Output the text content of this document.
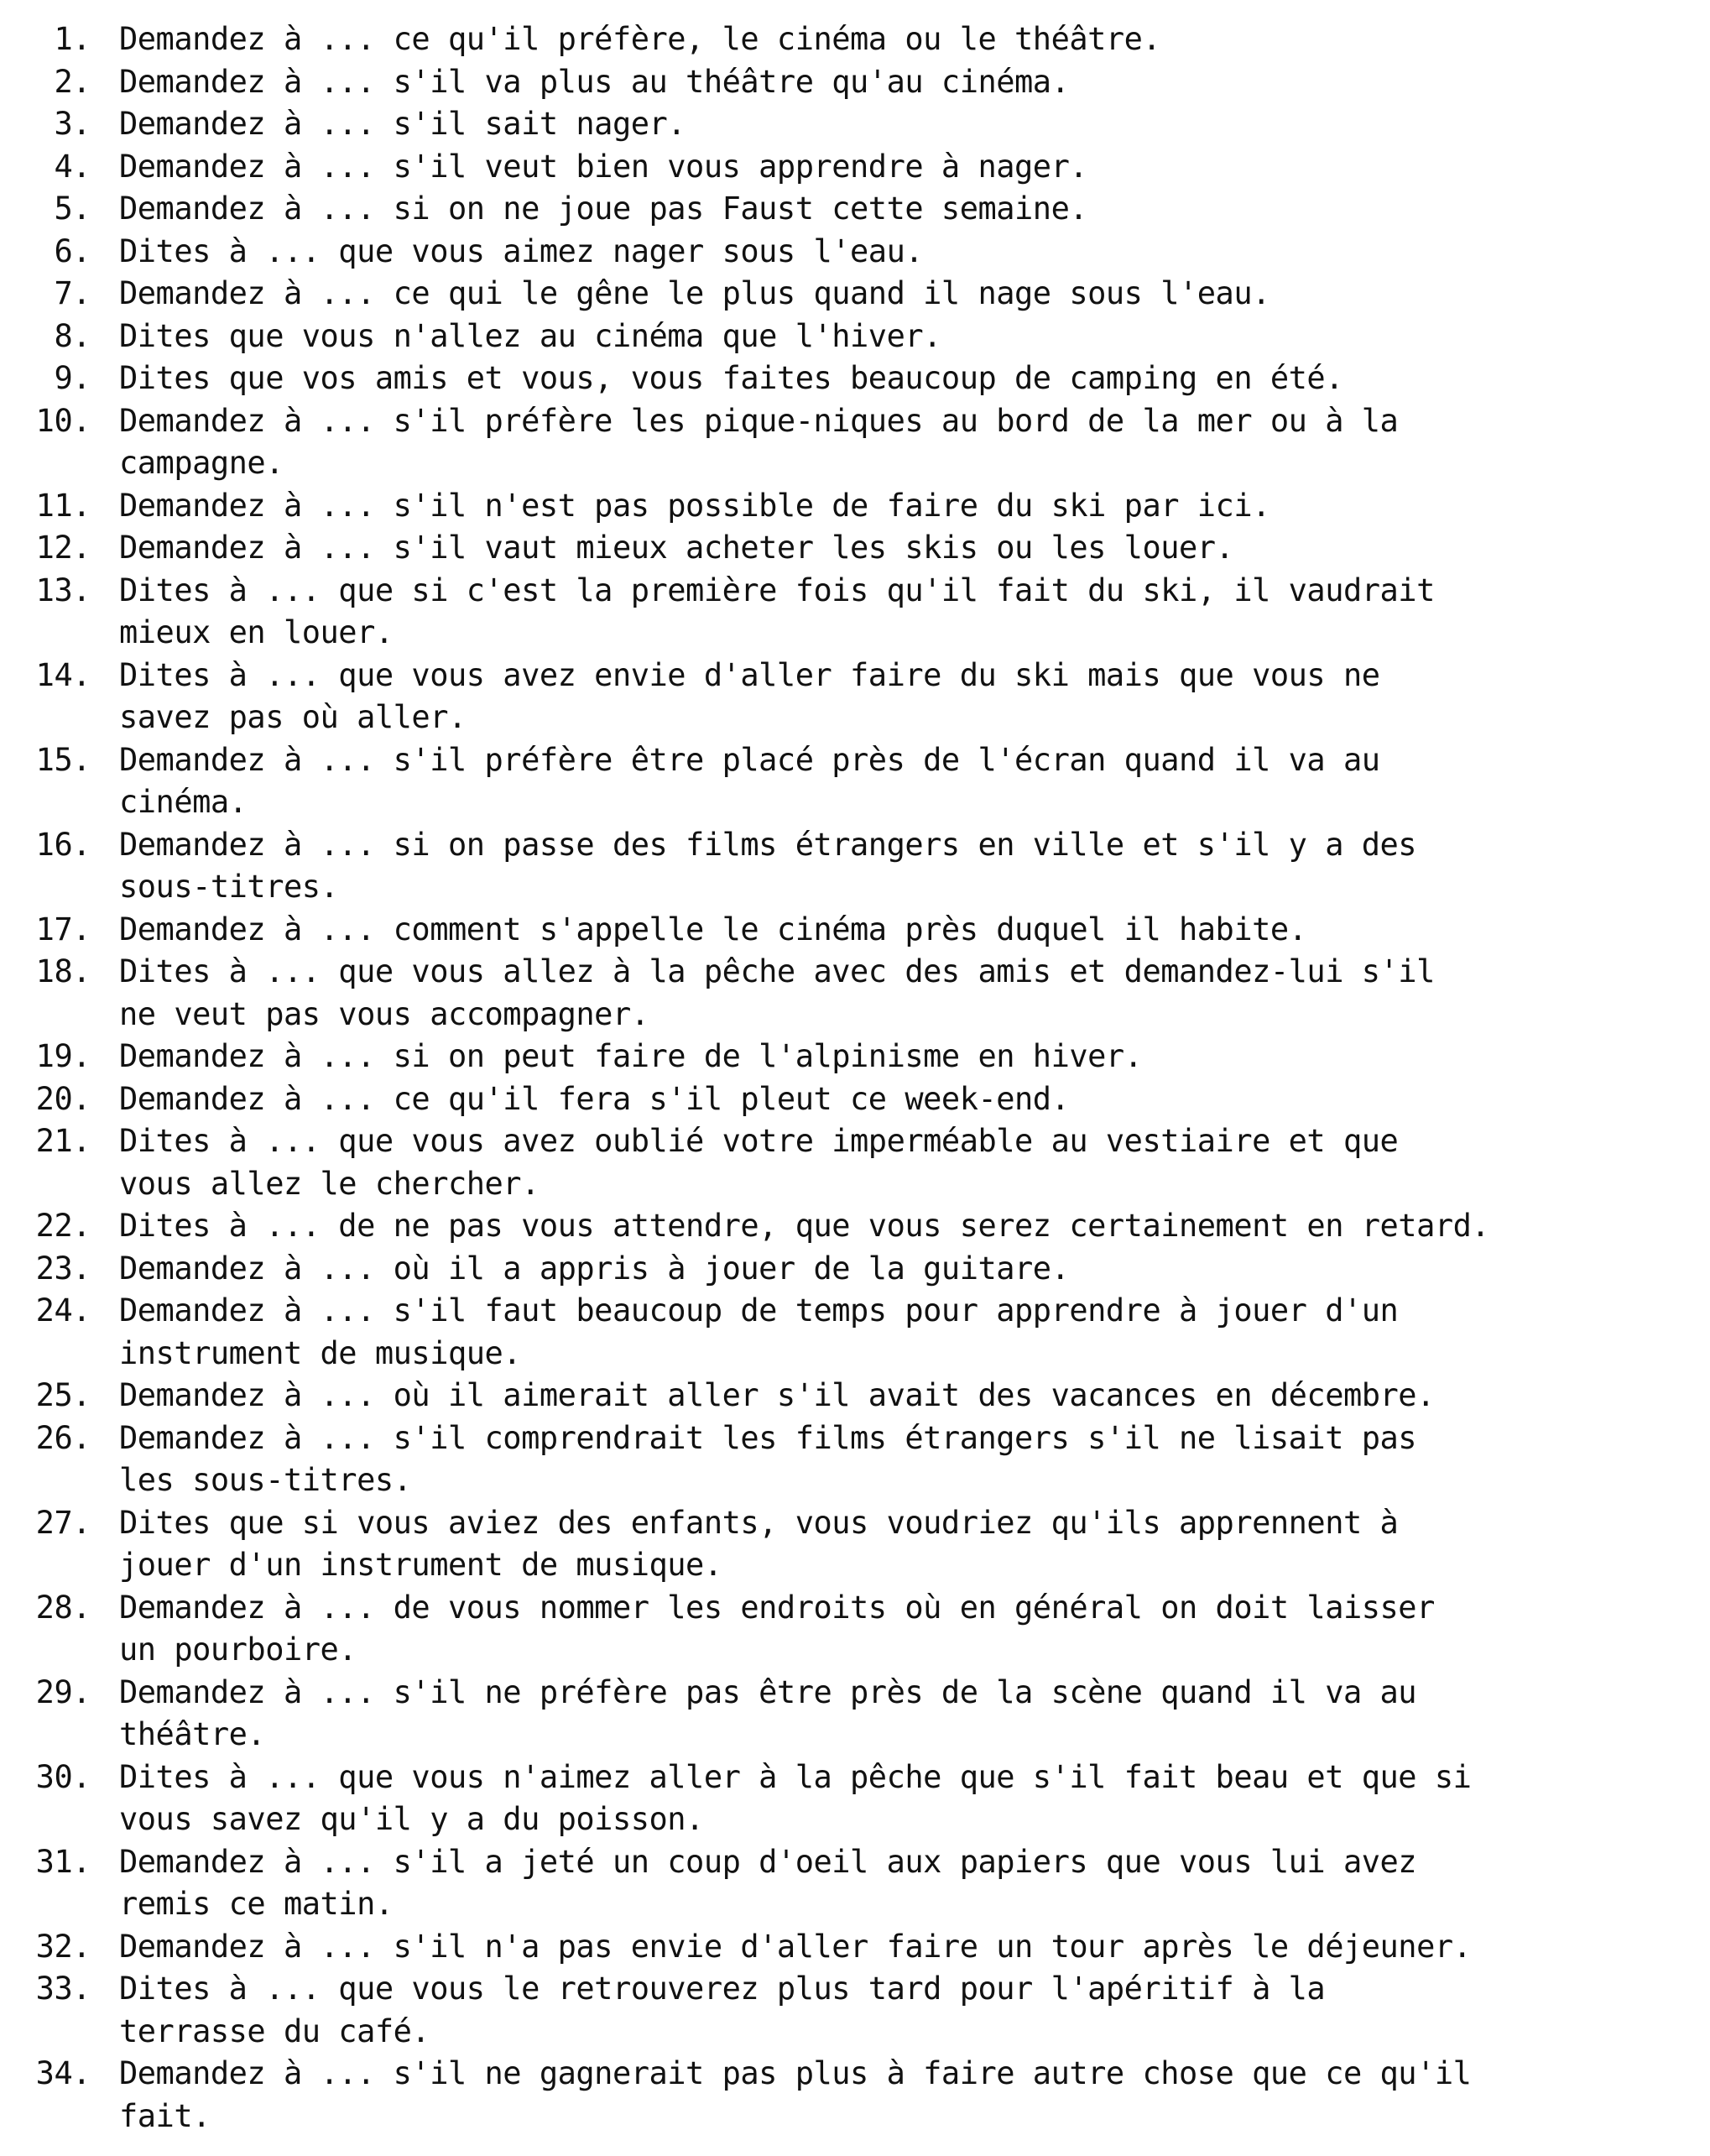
1. Demandez à ... ce qu'il préfère, le cinéma ou le théâtre.
2. Demandez à ... s'il va plus au théâtre qu'au cinéma.
3. Demandez à ... s'il sait nager.
4. Demandez à ... s'il veut bien vous apprendre à nager.
5. Demandez à ... si on ne joue pas Faust cette semaine.
6. Dites à ... que vous aimez nager sous l'eau.
7. Demandez à ... ce qui le gêne le plus quand il nage sous l'eau.
8. Dites que vous n'allez au cinéma que l'hiver.
9. Dites que vos amis et vous, vous faites beaucoup de camping en été.
10. Demandez à ... s'il préfère les pique-niques au bord de la mer ou à la
campagne.
11. Demandez à ... s'il n'est pas possible de faire du ski par ici.
12. Demandez à ... s'il vaut mieux acheter les skis ou les louer.
13. Dites à ... que si c'est la première fois qu'il fait du ski, il vaudrait
mieux en louer.
14. Dites à ... que vous avez envie d'aller faire du ski mais que vous ne
savez pas où aller.
15. Demandez à ... s'il préfère être placé près de l'écran quand il va au
cinéma.
16. Demandez à ... si on passe des films étrangers en ville et s'il y a des
sous-titres.
17. Demandez à ... comment s'appelle le cinéma près duquel il habite.
18. Dites à ... que vous allez à la pêche avec des amis et demandez-lui s'il
ne veut pas vous accompagner.
19. Demandez à ... si on peut faire de l'alpinisme en hiver.
20. Demandez à ... ce qu'il fera s'il pleut ce week-end.
21. Dites à ... que vous avez oublié votre imperméable au vestiaire et que
vous allez le chercher.
22. Dites à ... de ne pas vous attendre, que vous serez certainement en retard.
23. Demandez à ... où il a appris à jouer de la guitare.
24. Demandez à ... s'il faut beaucoup de temps pour apprendre à jouer d'un
instrument de musique.
25. Demandez à ... où il aimerait aller s'il avait des vacances en décembre.
26. Demandez à ... s'il comprendrait les films étrangers s'il ne lisait pas
les sous-titres.
27. Dites que si vous aviez des enfants, vous voudriez qu'ils apprennent à
jouer d'un instrument de musique.
28. Demandez à ... de vous nommer les endroits où en général on doit laisser
un pourboire.
29. Demandez à ... s'il ne préfère pas être près de la scène quand il va au
théâtre.
30. Dites à ... que vous n'aimez aller à la pêche que s'il fait beau et que si
vous savez qu'il y a du poisson.
31. Demandez à ... s'il a jeté un coup d'oeil aux papiers que vous lui avez
remis ce matin.
32. Demandez à ... s'il n'a pas envie d'aller faire un tour après le déjeuner.
33. Dites à ... que vous le retrouverez plus tard pour l'apéritif à la
terrasse du café.
34. Demandez à ... s'il ne gagnerait pas plus à faire autre chose que ce qu'il
fait.
